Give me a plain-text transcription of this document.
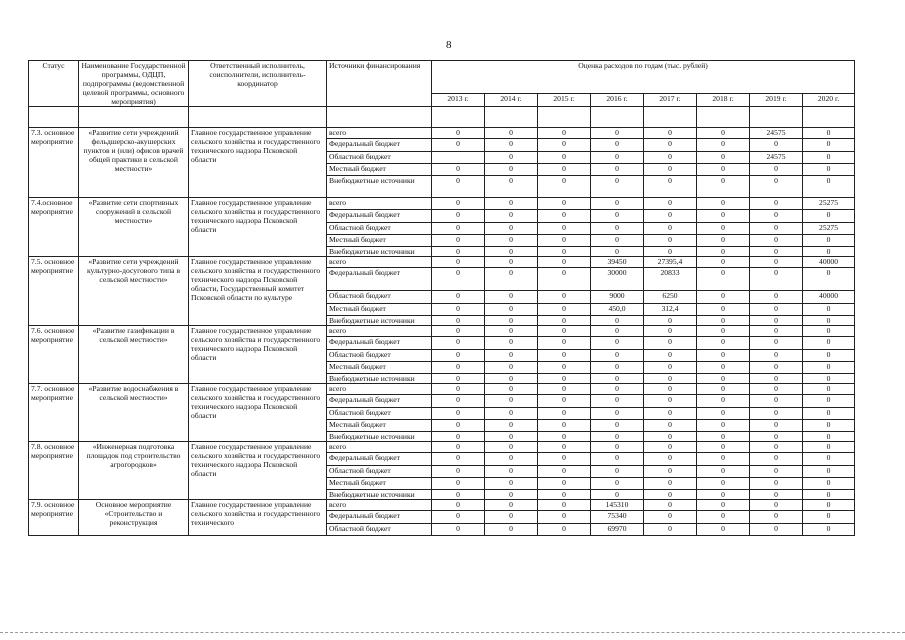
8
Статус	Наименование Государственной программы, ОДЦП, подпрограммы (ведомственной целевой программы, основного мероприятия)	Ответственный исполнитель, соисполнители, исполнитель-координатор	Источники финансирования	Оценка расходов по годам (тыс. рублей)							
				2013 г.	2014 г.	2015 г.	2016 г.	2017 г.	2018 г.	2019 г.	2020 г.

7.3. основное мероприятие	«Развитие сети учреждений фельдшерско-акушерских пунктов и (или) офисов врачей общей практики в сельской местности»	Главное государственное управление сельского хозяйства и государственного технического надзора Псковской области	всего	0	0	0	0	0	0	24575	0
			Федеральный бюджет	0	0	0	0	0	0	0	0
			Областной бюджет		0	0	0	0	0	24575	0
			Местный бюджет	0	0	0	0	0	0	0	0
			Внебюджетные источники	0	0	0	0	0	0	0	0
7.4.основное мероприятие	«Развитие сети спортивных сооружений в сельской местности»	Главное государственное управление сельского хозяйства и государственного технического надзора Псковской области	всего	0	0	0	0	0	0	0	25275
			Федеральный бюджет	0	0	0	0	0	0	0	0
			Областной бюджет	0	0	0	0	0	0	0	25275
			Местный бюджет	0	0	0	0	0	0	0	0
			Внебюджетные источники	0	0	0	0	0	0	0	0
7.5. основное мероприятие	«Развитие сети учреждений культурно-досугового типа в сельской местности»	Главное государственное управление сельского хозяйства и государственного технического надзора Псковской области, Государственный комитет Псковской области по культуре	всего	0	0	0	39450	27395,4	0	0	40000
			Федеральный бюджет	0	0	0	30000	20833	0	0	0
			Областной бюджет	0	0	0	9000	6250	0	0	40000
			Местный бюджет	0	0	0	450,0	312,4	0	0	0
			Внебюджетные источники	0	0	0	0	0	0	0	0
7.6. основное мероприятие	«Развитие газификации в сельской местности»	Главное государственное управление сельского хозяйства и государственного технического надзора Псковской области	всего	0	0	0	0	0	0	0	0
			Федеральный бюджет	0	0	0	0	0	0	0	0
			Областной бюджет	0	0	0	0	0	0	0	0
			Местный бюджет	0	0	0	0	0	0	0	0
			Внебюджетные источники	0	0	0	0	0	0	0	0
7.7. основное мероприятие	«Развитие водоснабжения в сельской местности»	Главное государственное управление сельского хозяйства и государственного технического надзора Псковской области	всего	0	0	0	0	0	0	0	0
			Федеральный бюджет	0	0	0	0	0	0	0	0
			Областной бюджет	0	0	0	0	0	0	0	0
			Местный бюджет	0	0	0	0	0	0	0	0
			Внебюджетные источники	0	0	0	0	0	0	0	0
7.8. основное мероприятие	«Инженерная подготовка площадок под строительство агрогородков»	Главное государственное управление сельского хозяйства и государственного технического надзора Псковской области	всего	0	0	0	0	0	0	0	0
			Федеральный бюджет	0	0	0	0	0	0	0	0
			Областной бюджет	0	0	0	0	0	0	0	0
			Местный бюджет	0	0	0	0	0	0	0	0
			Внебюджетные источники	0	0	0	0	0	0	0	0
7.9. основное мероприятие	Основное мероприятие «Строительство и реконструкция	Главное государственное управление сельского хозяйства и государственного технического	всего	0	0	0	145310	0	0	0	0
			Федеральный бюджет	0	0	0	75340	0	0	0	0
			Областной бюджет	0	0	0	69970	0	0	0	0
